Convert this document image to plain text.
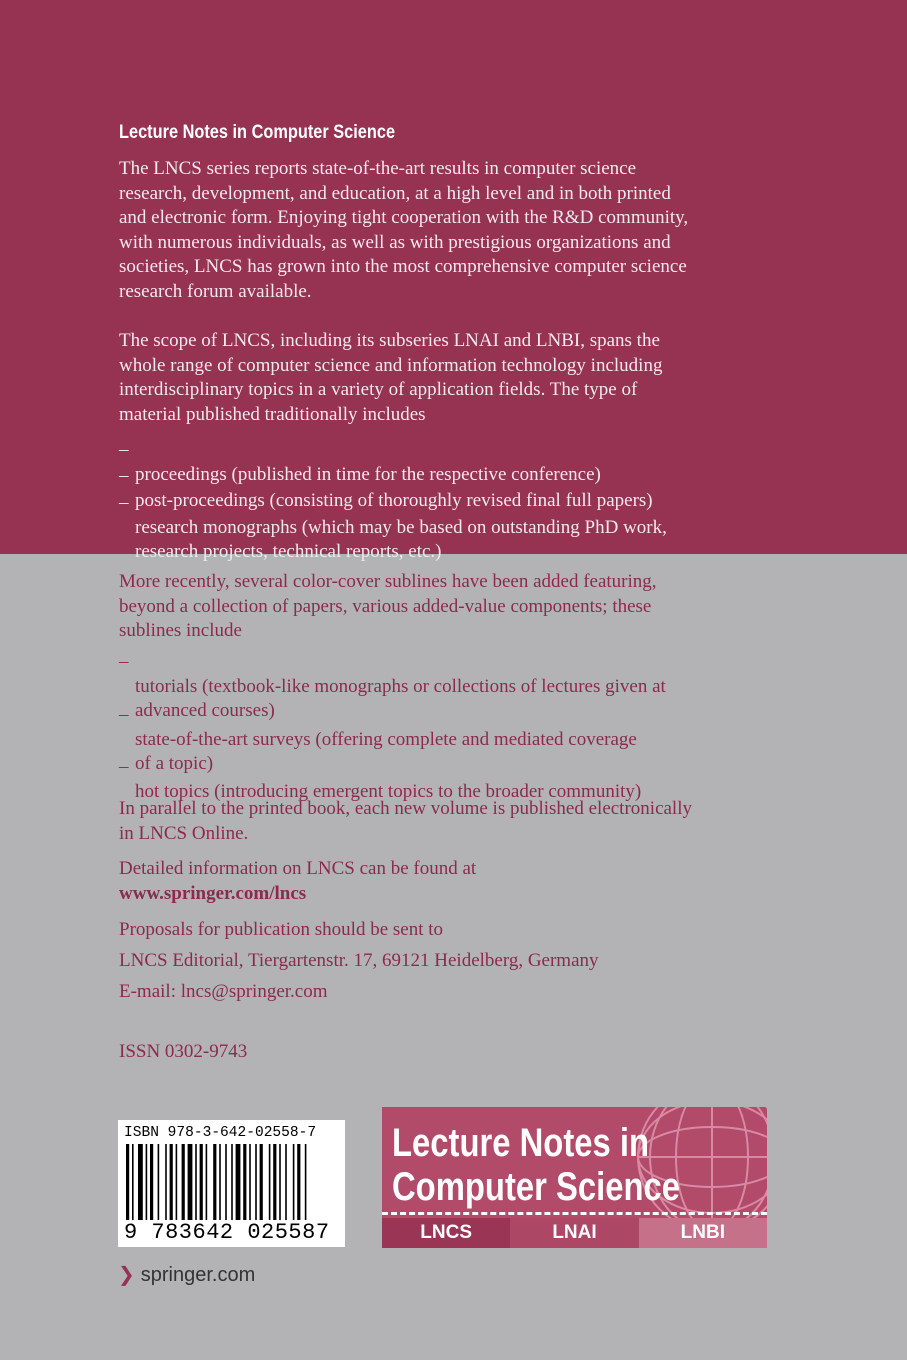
Lecture Notes in Computer Science

The LNCS series reports state-of-the-art results in computer science
research, development, and education, at a high level and in both printed
and electronic form. Enjoying tight cooperation with the R&D community,
with numerous individuals, as well as with prestigious organizations and
societies, LNCS has grown into the most comprehensive computer science
research forum available.

The scope of LNCS, including its subseries LNAI and LNBI, spans the
whole range of computer science and information technology including
interdisciplinary topics in a variety of application fields. The type of
material published traditionally includes

–
proceedings (published in time for the respective conference)

–
post-proceedings (consisting of thoroughly revised final full papers)

–
research monographs (which may be based on outstanding PhD work,
research projects, technical reports, etc.)

More recently, several color-cover sublines have been added featuring,
beyond a collection of papers, various added-value components; these
sublines include

–
tutorials (textbook-like monographs or collections of lectures given at
advanced courses)

–
state-of-the-art surveys (offering complete and mediated coverage
of a topic)

–
hot topics (introducing emergent topics to the broader community)

In parallel to the printed book, each new volume is published electronically
in LNCS Online.

Detailed information on LNCS can be found at

www.springer.com/lncs

Proposals for publication should be sent to

LNCS Editorial, Tiergartenstr. 17, 69121 Heidelberg, Germany

E-mail: lncs@springer.com

ISSN 0302-9743

ISBN 978-3-642-02558-7
9 783642 025587
Lecture Notes in
Computer Science
LNCS	LNAI	LNBI
❯ springer.com
